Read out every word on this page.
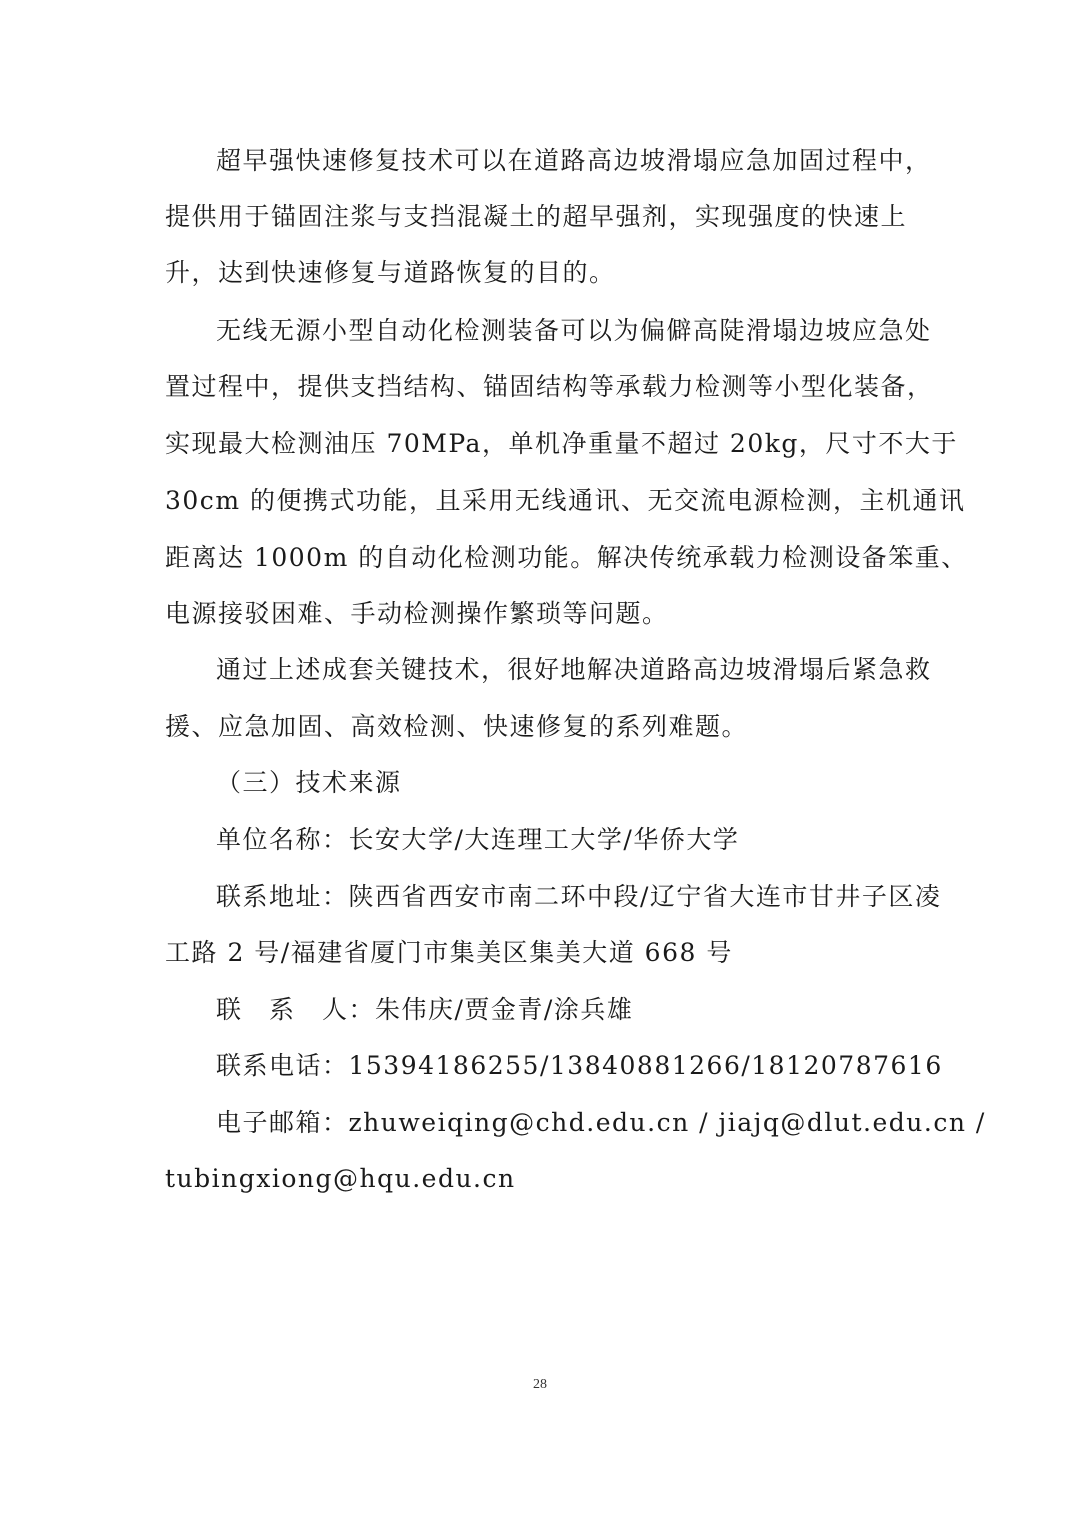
超早强快速修复技术可以在道路高边坡滑塌应急加固过程中，
提供用于锚固注浆与支挡混凝土的超早强剂，实现强度的快速上
升，达到快速修复与道路恢复的目的。
无线无源小型自动化检测装备可以为偏僻高陡滑塌边坡应急处
置过程中，提供支挡结构、锚固结构等承载力检测等小型化装备，
实现最大检测油压 70MPa，单机净重量不超过 20kg，尺寸不大于
30cm 的便携式功能，且采用无线通讯、无交流电源检测，主机通讯
距离达 1000m 的自动化检测功能。解决传统承载力检测设备笨重、
电源接驳困难、手动检测操作繁琐等问题。
通过上述成套关键技术，很好地解决道路高边坡滑塌后紧急救
援、应急加固、高效检测、快速修复的系列难题。
（三）技术来源
单位名称：长安大学/大连理工大学/华侨大学
联系地址：陕西省西安市南二环中段/辽宁省大连市甘井子区凌
工路 2 号/福建省厦门市集美区集美大道 668 号
联　系　人：朱伟庆/贾金青/涂兵雄
联系电话：15394186255/13840881266/18120787616
电子邮箱：zhuweiqing@chd.edu.cn / jiajq@dlut.edu.cn /
tubingxiong@hqu.edu.cn
28
